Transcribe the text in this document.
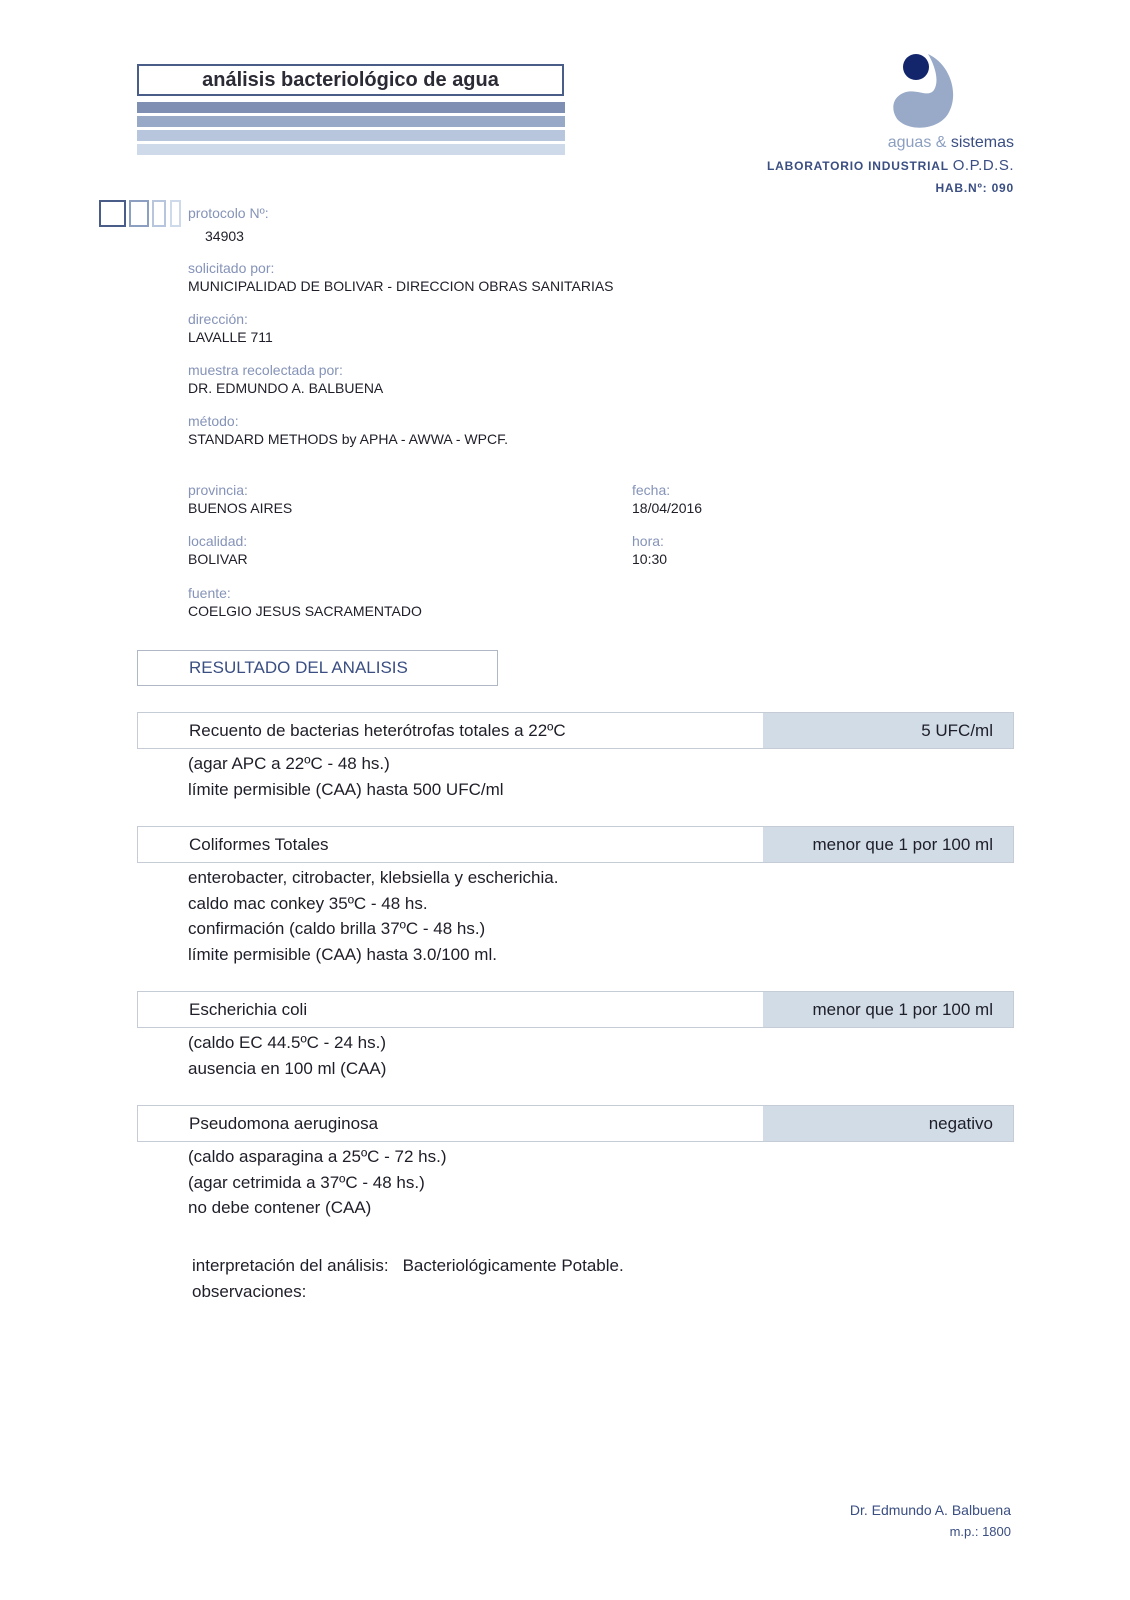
análisis bacteriológico de agua
aguas & sistemas
LABORATORIO INDUSTRIAL O.P.D.S.
HAB.Nº: 090
protocolo Nº:
34903
solicitado por:
MUNICIPALIDAD DE BOLIVAR - DIRECCION OBRAS SANITARIAS
dirección:
LAVALLE 711
muestra recolectada por:
DR. EDMUNDO A. BALBUENA
método:
STANDARD METHODS by APHA - AWWA - WPCF.
provincia:
BUENOS AIRES
localidad:
BOLIVAR
fuente:
COELGIO JESUS SACRAMENTADO
fecha:
18/04/2016
hora:
10:30
RESULTADO DEL ANALISIS
Recuento de bacterias heterótrofas totales a 22ºC	5 UFC/ml
(agar APC a 22ºC - 48 hs.)
límite permisible (CAA) hasta 500 UFC/ml
Coliformes Totales	menor que 1 por 100 ml
enterobacter, citrobacter, klebsiella y escherichia.
caldo mac conkey 35ºC - 48 hs.
confirmación (caldo brilla 37ºC - 48 hs.)
límite permisible (CAA) hasta 3.0/100 ml.
Escherichia coli	menor que 1 por 100 ml
(caldo EC 44.5ºC - 24 hs.)
ausencia en 100 ml (CAA)
Pseudomona aeruginosa	negativo
(caldo asparagina a 25ºC - 72 hs.)
(agar cetrimida a 37ºC - 48 hs.)
no debe contener (CAA)
interpretación del análisis: Bacteriológicamente Potable.
observaciones:
Dr. Edmundo A. Balbuena
m.p.: 1800
